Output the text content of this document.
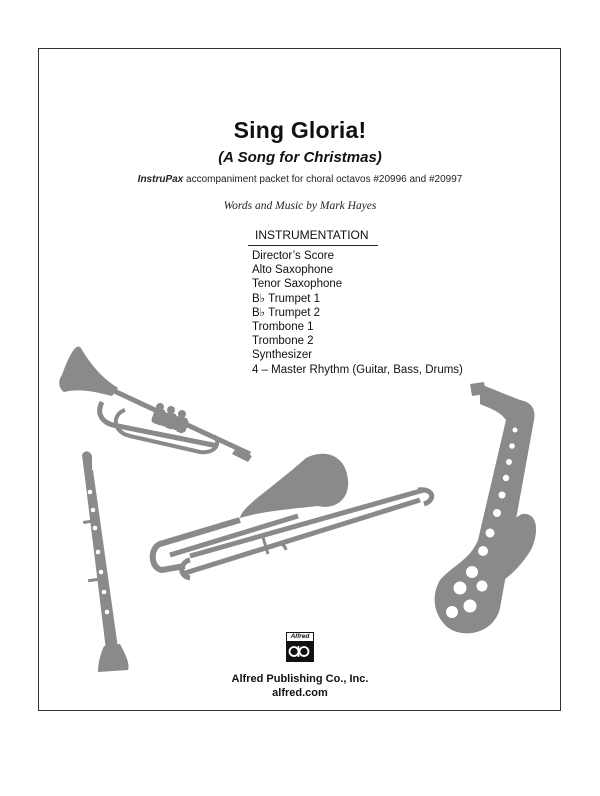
Sing Gloria!
(A Song for Christmas)
InstruPax accompaniment packet for choral octavos #20996 and #20997
Words and Music by Mark Hayes
INSTRUMENTATION
Director’s Score
Alto Saxophone
Tenor Saxophone
B♭ Trumpet 1
B♭ Trumpet 2
Trombone 1
Trombone 2
Synthesizer
4 – Master Rhythm (Guitar, Bass, Drums)
Alfred
Alfred Publishing Co., Inc.
alfred.com
